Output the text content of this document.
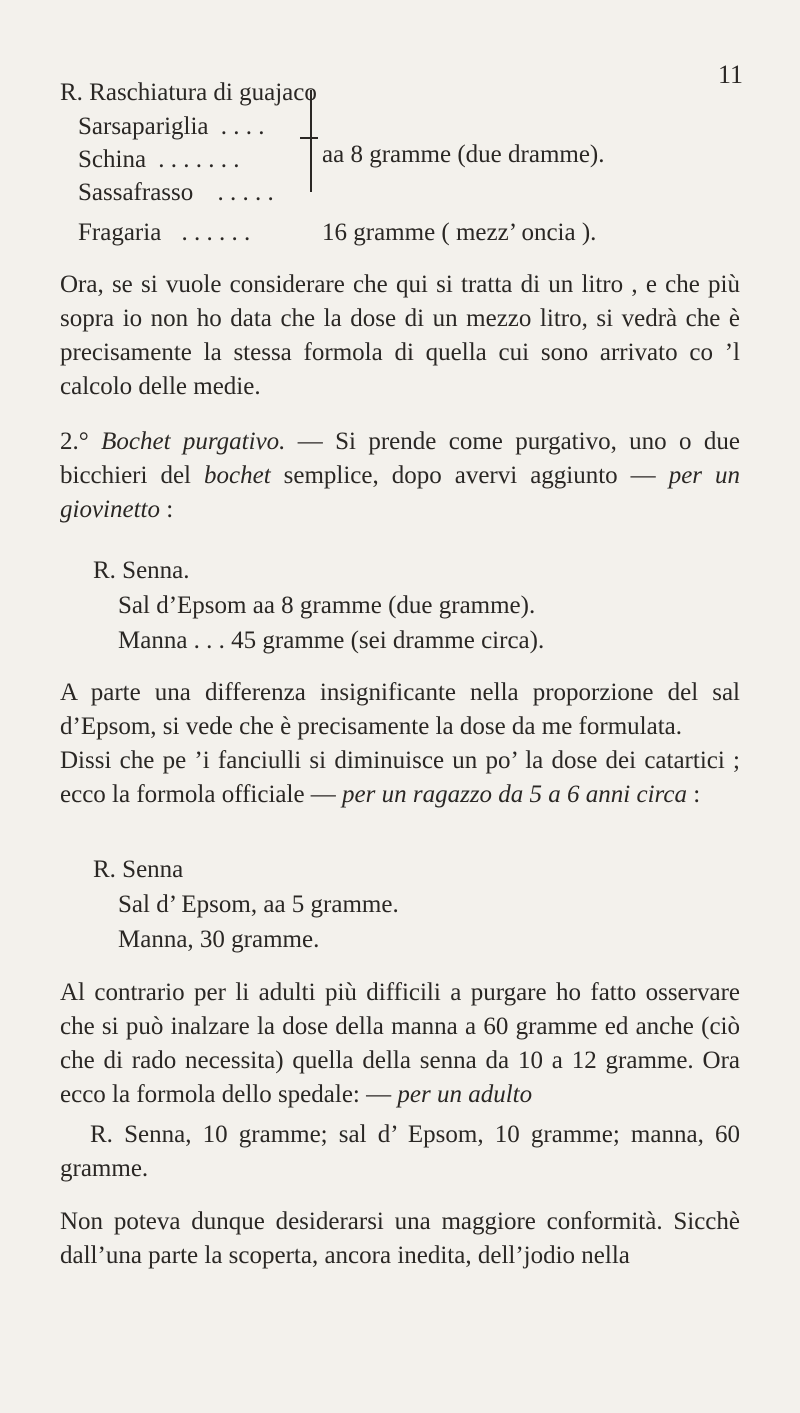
11
R. Raschiatura di guajaco
Sarsapariglia . . . .
Schina . . . . . . .
Sassafrasso . . . . .
aa 8 gramme (due dramme).
Fragaria . . . . . .	16 gramme ( mezz’ oncia ).

Ora, se si vuole considerare che qui si tratta di un litro , e che più sopra io non ho data che la dose di un mezzo litro, si vedrà che è precisamente la stessa formola di quella cui sono arrivato co ’l calcolo delle medie.

2.° Bochet purgativo. — Si prende come purgativo, uno o due bicchieri del bochet semplice, dopo avervi aggiunto — per un giovinetto :

R. Senna.
Sal d’Epsom aa 8 gramme (due gramme).
Manna . . . 45 gramme (sei dramme circa).

A parte una differenza insignificante nella proporzione del sal d’Epsom, si vede che è precisamente la dose da me formulata.

Dissi che pe ’i fanciulli si diminuisce un po’ la dose dei catartici ; ecco la formola officiale — per un ragazzo da 5 a 6 anni circa :

R. Senna
Sal d’ Epsom, aa 5 gramme.
Manna, 30 gramme.

Al contrario per li adulti più difficili a purgare ho fatto osservare che si può inalzare la dose della manna a 60 gramme ed anche (ciò che di rado necessita) quella della senna da 10 a 12 gramme. Ora ecco la formola dello spedale: — per un adulto

R. Senna, 10 gramme; sal d’ Epsom, 10 gramme; manna, 60 gramme.

Non poteva dunque desiderarsi una maggiore conformità. Sicchè dall’una parte la scoperta, ancora inedita, dell’jodio nella
